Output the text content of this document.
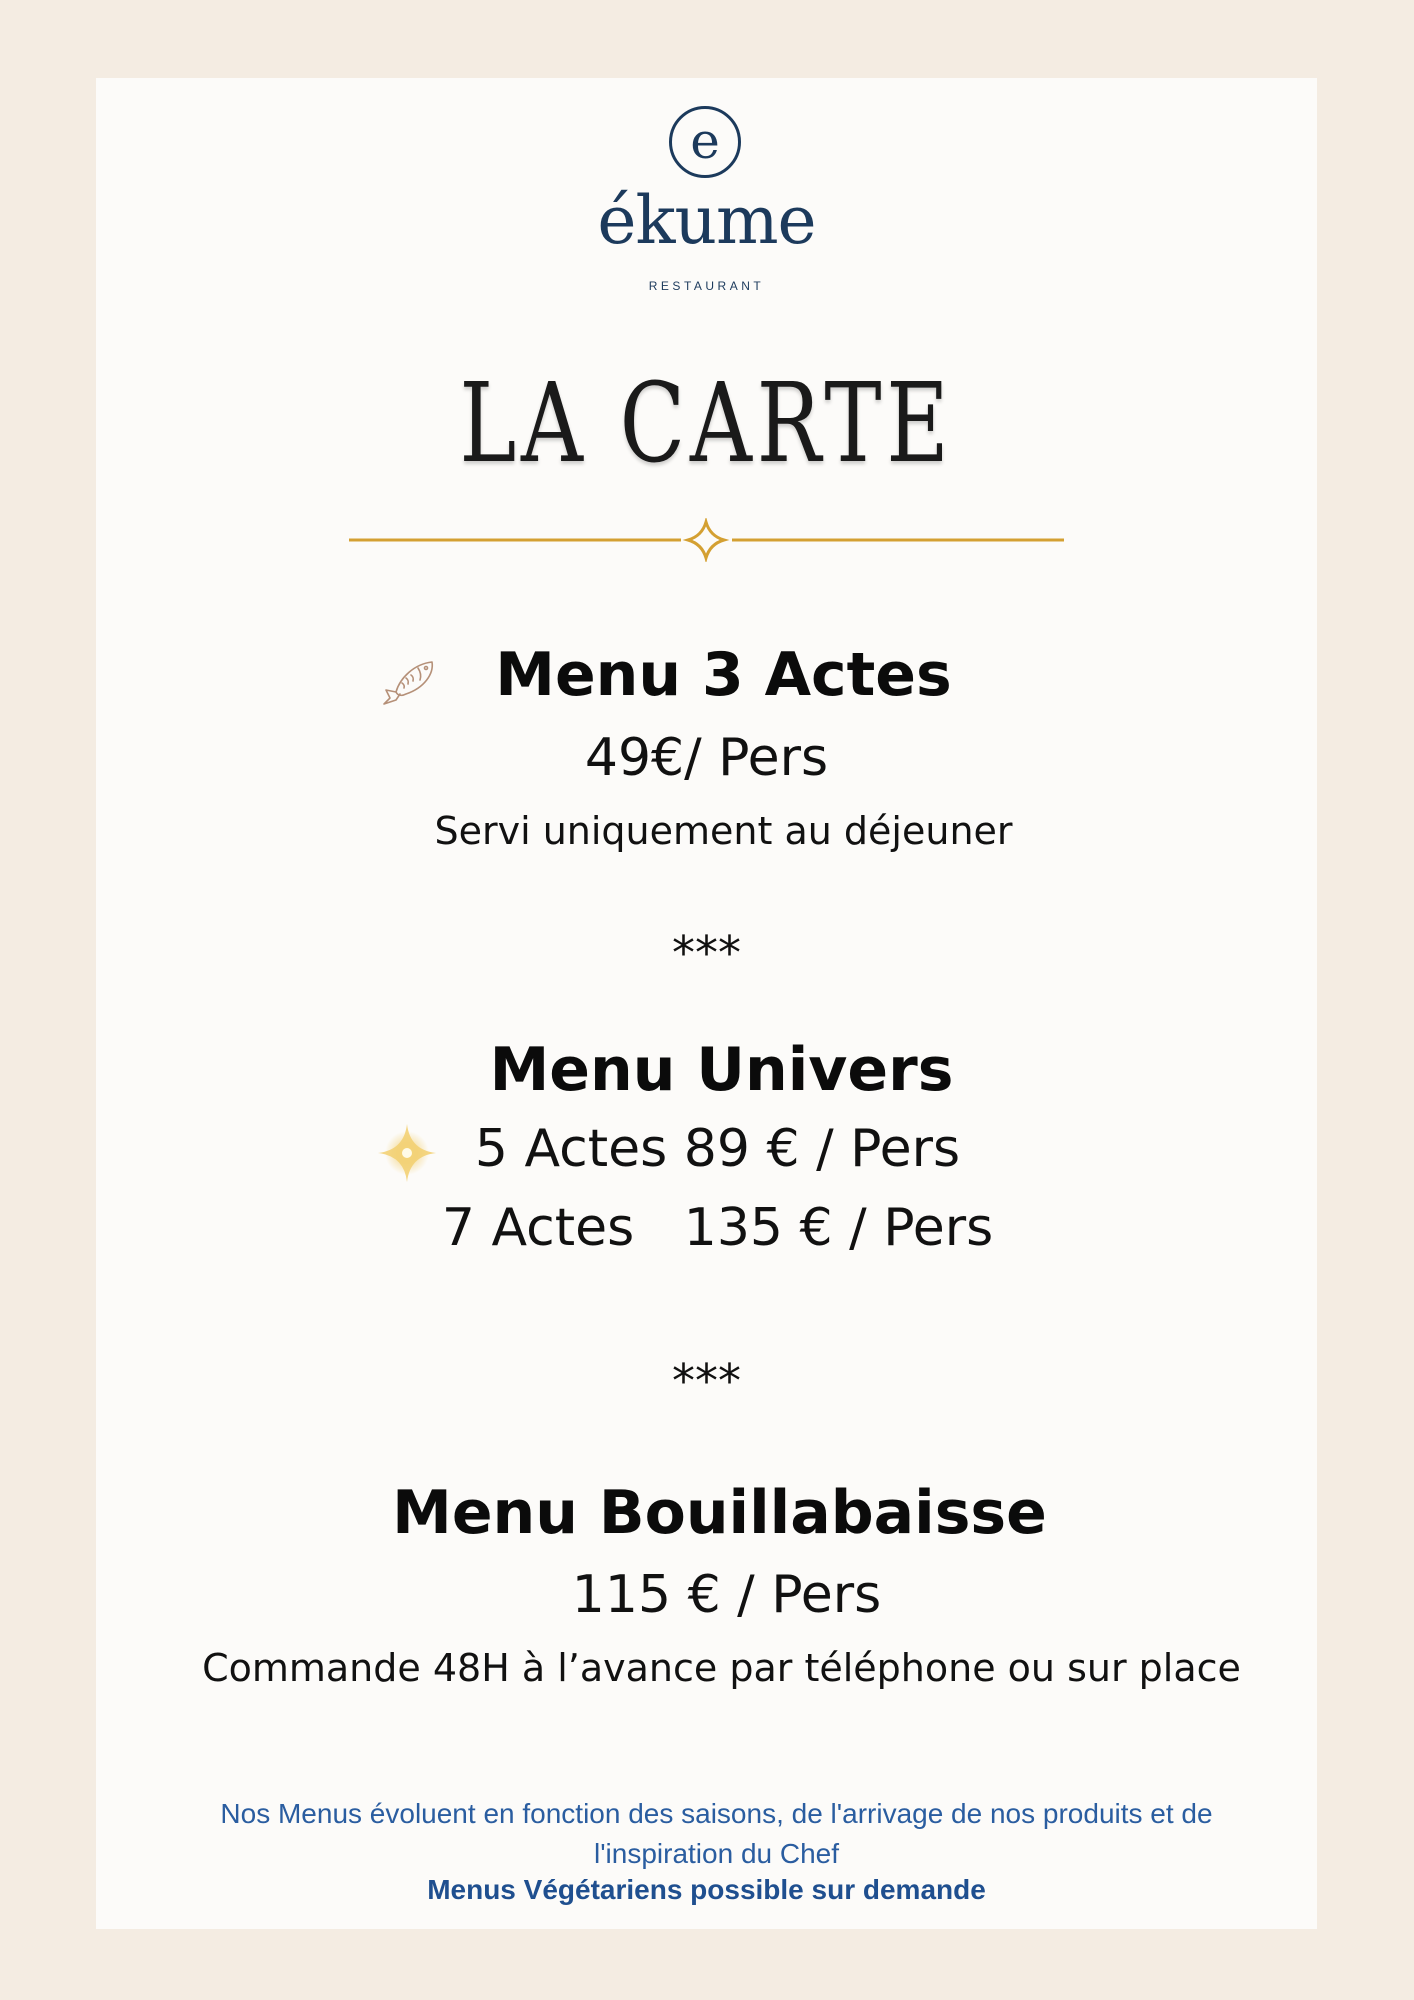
e
ékume
RESTAURANT
LA CARTE
Menu 3 Actes
49€/ Pers
Servi uniquement au déjeuner
***
Menu Univers
5 Actes 89 € / Pers
7 Actes   135 € / Pers
***
Menu Bouillabaisse
115 € / Pers
Commande 48H à l’avance par téléphone ou sur place
Nos Menus évoluent en fonction des saisons, de l'arrivage de nos produits et de l'inspiration du Chef
Menus Végétariens possible sur demande
